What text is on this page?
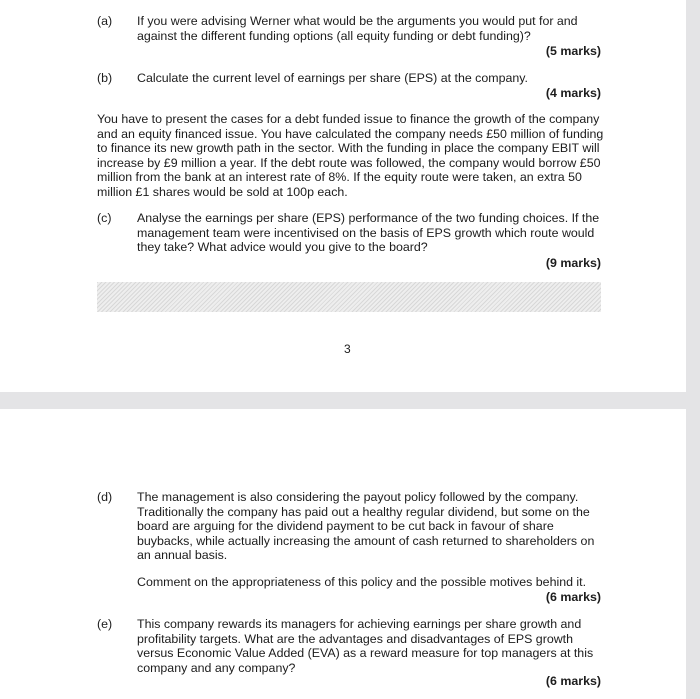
(a) If you were advising Werner what would be the arguments you would put for and
against the different funding options (all equity funding or debt funding)?
(5 marks)
(b) Calculate the current level of earnings per share (EPS) at the company.
(4 marks)
You have to present the cases for a debt funded issue to finance the growth of the company
and an equity financed issue. You have calculated the company needs £50 million of funding
to finance its new growth path in the sector. With the funding in place the company EBIT will
increase by £9 million a year. If the debt route was followed, the company would borrow £50
million from the bank at an interest rate of 8%. If the equity route were taken, an extra 50
million £1 shares would be sold at 100p each.
(c) Analyse the earnings per share (EPS) performance of the two funding choices. If the
management team were incentivised on the basis of EPS growth which route would
they take? What advice would you give to the board?
(9 marks)
3
(d) The management is also considering the payout policy followed by the company.
Traditionally the company has paid out a healthy regular dividend, but some on the
board are arguing for the dividend payment to be cut back in favour of share
buybacks, while actually increasing the amount of cash returned to shareholders on
an annual basis.
Comment on the appropriateness of this policy and the possible motives behind it.
(6 marks)
(e) This company rewards its managers for achieving earnings per share growth and
profitability targets. What are the advantages and disadvantages of EPS growth
versus Economic Value Added (EVA) as a reward measure for top managers at this
company and any company?
(6 marks)
